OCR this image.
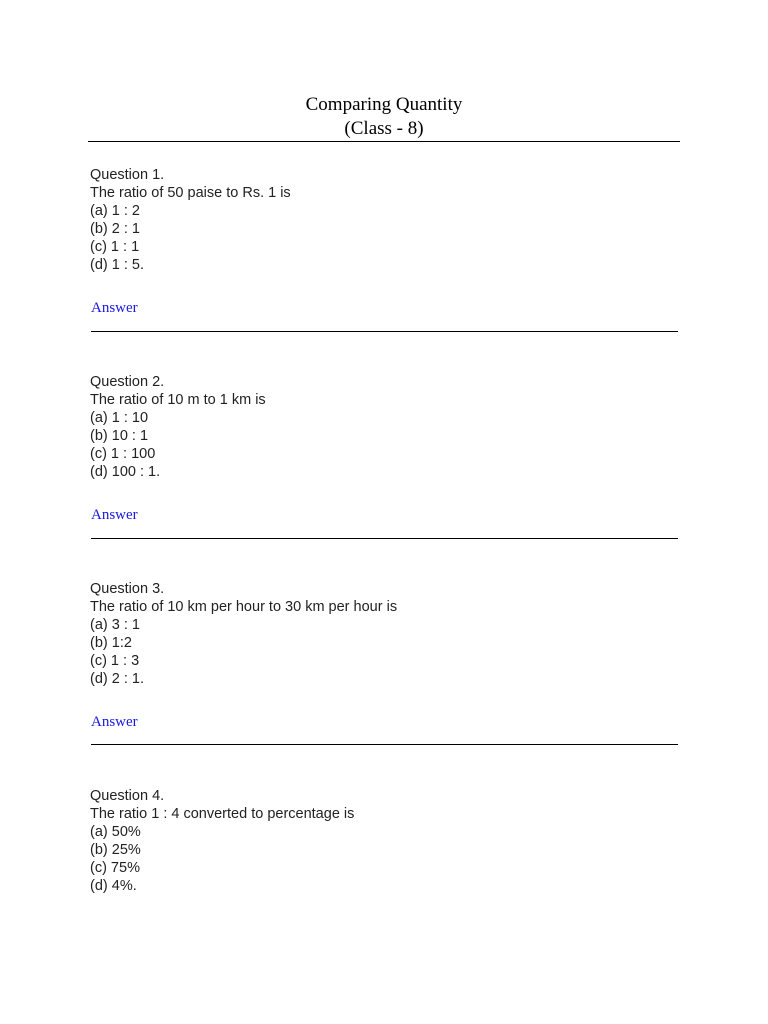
Comparing Quantity
(Class - 8)
Question 1.
The ratio of 50 paise to Rs. 1 is
(a) 1 : 2
(b) 2 : 1
(c) 1 : 1
(d) 1 : 5.
Answer
Question 2.
The ratio of 10 m to 1 km is
(a) 1 : 10
(b) 10 : 1
(c) 1 : 100
(d) 100 : 1.
Answer
Question 3.
The ratio of 10 km per hour to 30 km per hour is
(a) 3 : 1
(b) 1:2
(c) 1 : 3
(d) 2 : 1.
Answer
Question 4.
The ratio 1 : 4 converted to percentage is
(a) 50%
(b) 25%
(c) 75%
(d) 4%.
